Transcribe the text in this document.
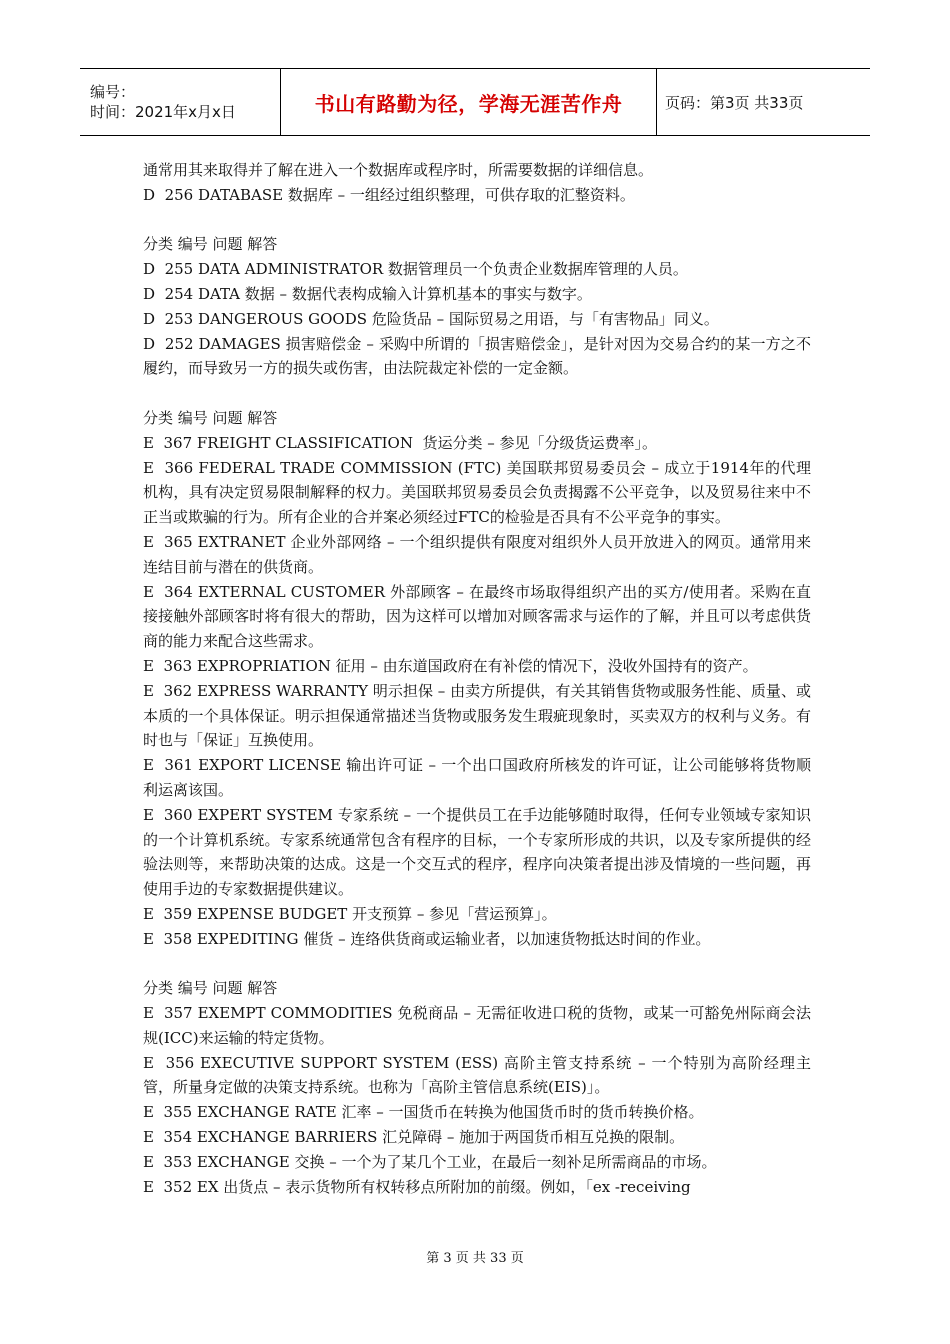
编号：
时间：2021年x月x日	书山有路勤为径，学海无涯苦作舟	页码：第3页 共33页

通常用其来取得并了解在进入一个数据库或程序时，所需要数据的详细信息。

D  256 DATABASE 数据库 – 一组经过组织整理，可供存取的汇整资料。

分类 编号 问题 解答

D  255 DATA ADMINISTRATOR 数据管理员一个负责企业数据库管理的人员。

D  254 DATA 数据 – 数据代表构成输入计算机基本的事实与数字。

D  253 DANGEROUS GOODS 危险货品 – 国际贸易之用语，与「有害物品」同义。

D  252 DAMAGES 损害赔偿金 – 采购中所谓的「损害赔偿金」，是针对因为交易合约的某一方之不履约，而导致另一方的损失或伤害，由法院裁定补偿的一定金额。

分类 编号 问题 解答

E  367 FREIGHT CLASSIFICATION  货运分类 – 参见「分级货运费率」。

E  366 FEDERAL TRADE COMMISSION (FTC) 美国联邦贸易委员会 – 成立于1914年的代理机构，具有决定贸易限制解释的权力。美国联邦贸易委员会负责揭露不公平竞争，以及贸易往来中不正当或欺骗的行为。所有企业的合并案必须经过FTC的检验是否具有不公平竞争的事实。

E  365 EXTRANET 企业外部网络 – 一个组织提供有限度对组织外人员开放进入的网页。通常用来连结目前与潜在的供货商。

E  364 EXTERNAL CUSTOMER 外部顾客 – 在最终市场取得组织产出的买方/使用者。采购在直接接触外部顾客时将有很大的帮助，因为这样可以增加对顾客需求与运作的了解，并且可以考虑供货商的能力来配合这些需求。

E  363 EXPROPRIATION 征用 – 由东道国政府在有补偿的情况下，没收外国持有的资产。

E  362 EXPRESS WARRANTY 明示担保 – 由卖方所提供，有关其销售货物或服务性能、质量、或本质的一个具体保证。明示担保通常描述当货物或服务发生瑕疵现象时，买卖双方的权利与义务。有时也与「保证」互换使用。

E  361 EXPORT LICENSE 输出许可证 – 一个出口国政府所核发的许可证，让公司能够将货物顺利运离该国。

E  360 EXPERT SYSTEM 专家系统 – 一个提供员工在手边能够随时取得，任何专业领域专家知识的一个计算机系统。专家系统通常包含有程序的目标，一个专家所形成的共识，以及专家所提供的经验法则等，来帮助决策的达成。这是一个交互式的程序，程序向决策者提出涉及情境的一些问题，再使用手边的专家数据提供建议。

E  359 EXPENSE BUDGET 开支预算 – 参见「营运预算」。

E  358 EXPEDITING 催货 – 连络供货商或运输业者，以加速货物抵达时间的作业。

分类 编号 问题 解答

E  357 EXEMPT COMMODITIES 免税商品 – 无需征收进口税的货物，或某一可豁免州际商会法规(ICC)来运输的特定货物。

E  356 EXECUTIVE SUPPORT SYSTEM (ESS) 高阶主管支持系统 – 一个特别为高阶经理主管，所量身定做的决策支持系统。也称为「高阶主管信息系统(EIS)」。

E  355 EXCHANGE RATE 汇率 – 一国货币在转换为他国货币时的货币转换价格。

E  354 EXCHANGE BARRIERS 汇兑障碍 – 施加于两国货币相互兑换的限制。

E  353 EXCHANGE 交换 – 一个为了某几个工业，在最后一刻补足所需商品的市场。

E  352 EX 出货点 – 表示货物所有权转移点所附加的前缀。例如，「ex -receiving

第 3 页 共 33 页
